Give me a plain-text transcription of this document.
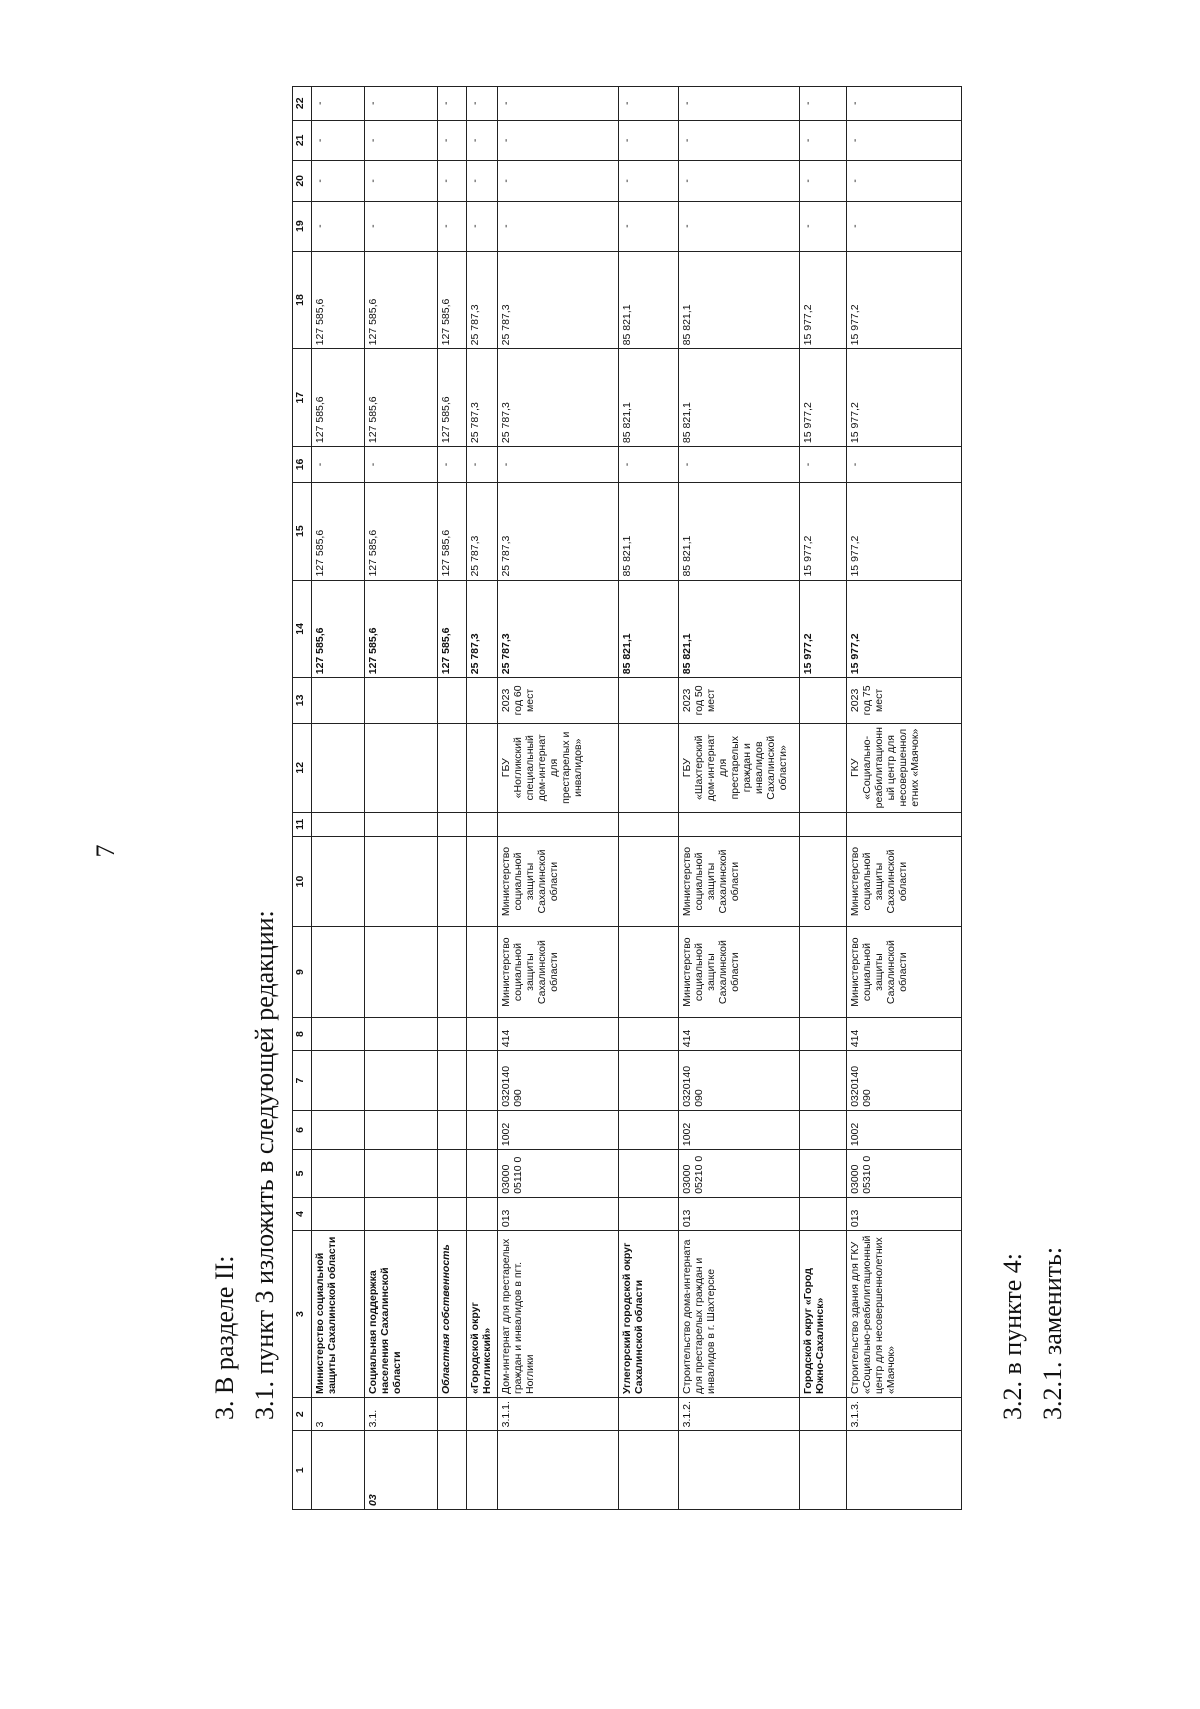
7
3. В разделе II: 3.1. пункт 3 изложить в следующей редакции:
1	2	3	4	5	6	7	8	9	10	11	12	13	14	15	16	17	18	19	20	21	22
	3	Министерство социальной защиты Сахалинской области											127 585,6	127 585,6	-	127 585,6	127 585,6	-	-	-	-
03	3.1.	Социальная поддержка населения Сахалинской области											127 585,6	127 585,6	-	127 585,6	127 585,6	-	-	-	-
		Областная собственность											127 585,6	127 585,6	-	127 585,6	127 585,6	-	-	-	-
		«Городской округ Ногликский»											25 787,3	25 787,3	-	25 787,3	25 787,3	-	-	-	-
	3.1.1.	Дом-интернат для престарелых граждан и инвалидов в пгт. Ноглики	013	03000 05110 0	1002	0320140 090	414	Министерство социальной защиты Сахалинской области	Министерство социальной защиты Сахалинской области		ГБУ «Ногликский специальный дом-интернат для престарелых и инвалидов»	2023 год 60 мест	25 787,3	25 787,3	-	25 787,3	25 787,3	-	-	-	-
		Углегорский городской округ Сахалинской области											85 821,1	85 821,1	-	85 821,1	85 821,1	-	-	-	-
	3.1.2.	Строительство дома-интерната для престарелых граждан и инвалидов в г. Шахтерске	013	03000 05210 0	1002	0320140 090	414	Министерство социальной защиты Сахалинской области	Министерство социальной защиты Сахалинской области		ГБУ «Шахтерский дом-интернат для престарелых граждан и инвалидов Сахалинской области»	2023 год 50 мест	85 821,1	85 821,1	-	85 821,1	85 821,1	-	-	-	-
		Городской округ «Город Южно-Сахалинск»											15 977,2	15 977,2	-	15 977,2	15 977,2	-	-	-	-
	3.1.3.	Строительство здания для ГКУ «Социально-реабилитационный центр для несовершеннолетних «Маячок»	013	03000 05310 0	1002	0320140 090	414	Министерство социальной защиты Сахалинской области	Министерство социальной защиты Сахалинской области		ГКУ «Социально-реабилитационный центр для несовершеннолетних «Маячок»	2023 год 75 мест	15 977,2	15 977,2	-	15 977,2	15 977,2	-	-	-	-
3.2. в пункте 4: 3.2.1. заменить:
